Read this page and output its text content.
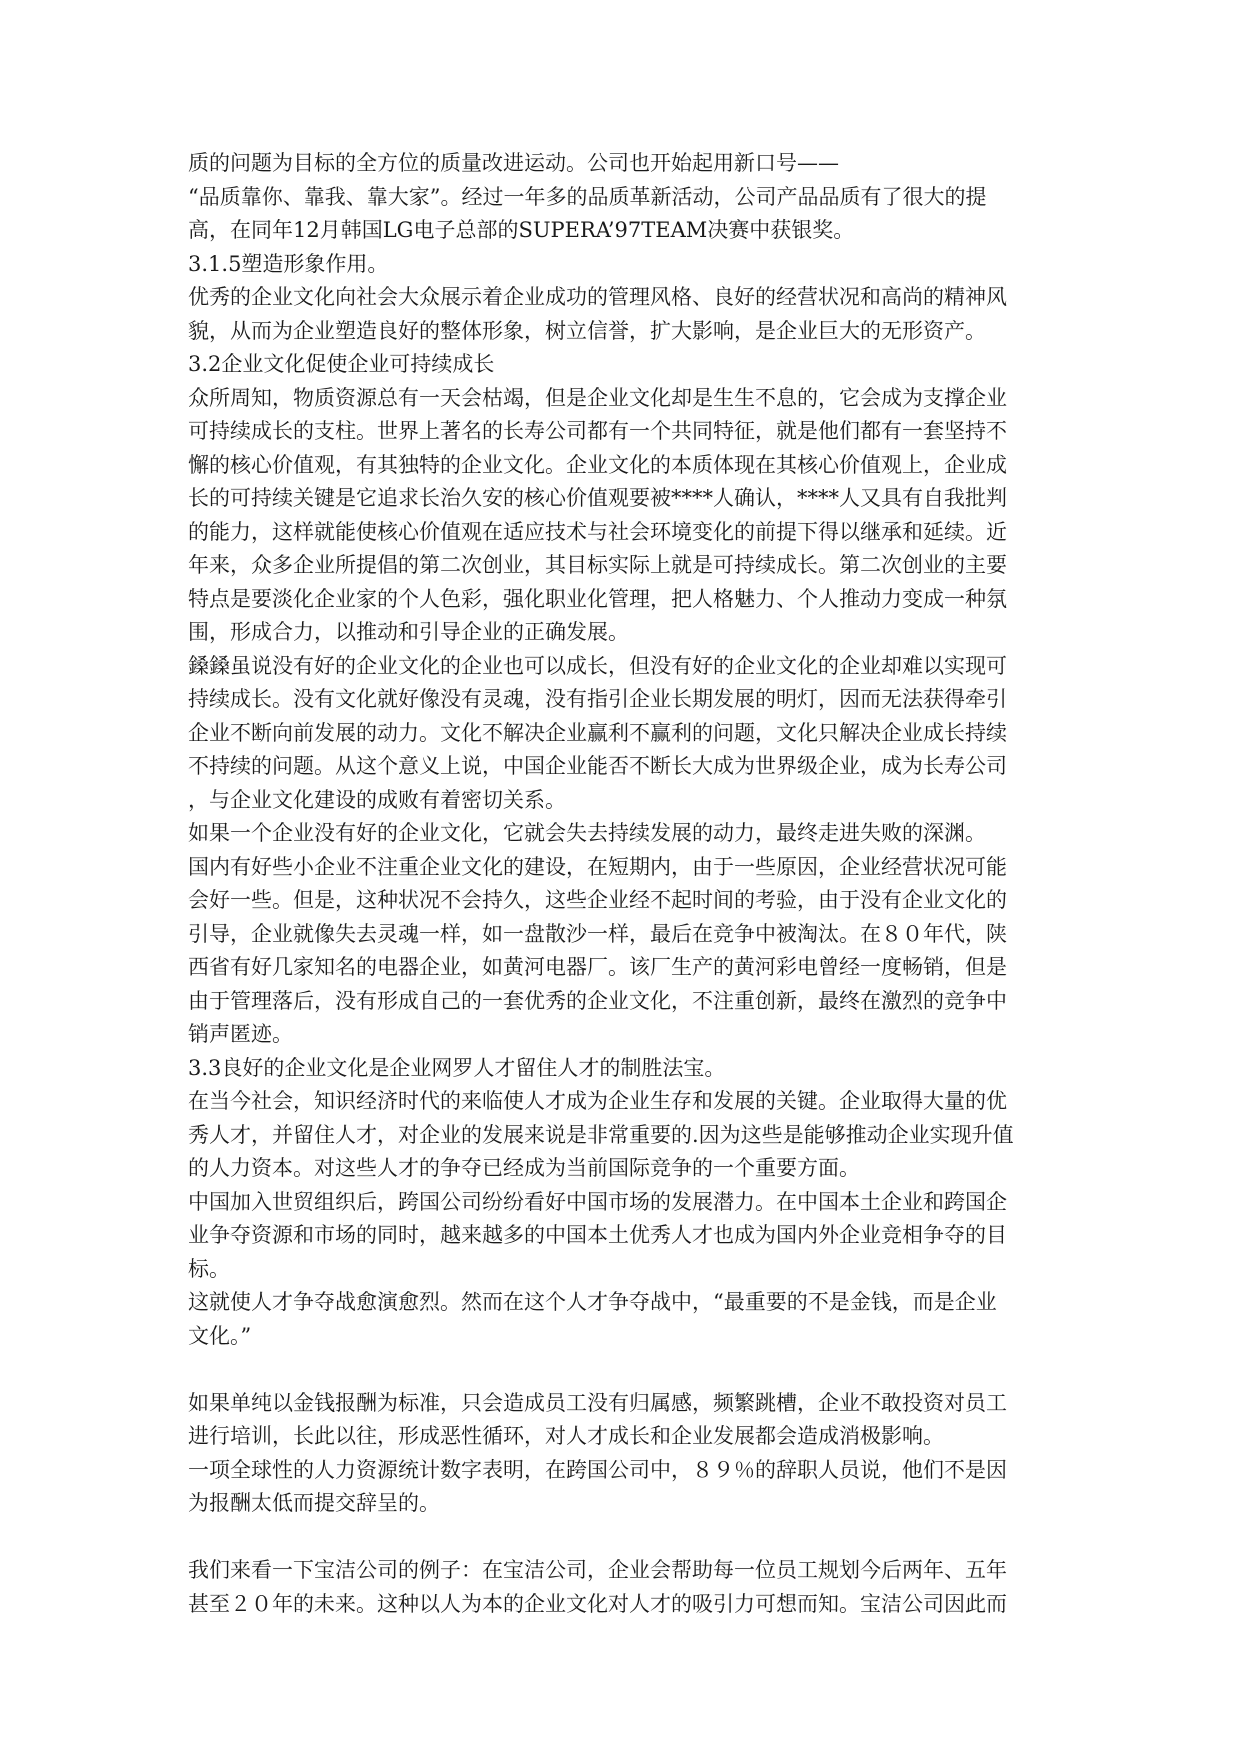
质的问题为目标的全方位的质量改进运动。公司也开始起用新口号——
“品质靠你、靠我、靠大家”。经过一年多的品质革新活动，公司产品品质有了很大的提
高，在同年12月韩国LG电子总部的SUPERA’97TEAM决赛中获银奖。
3.1.5塑造形象作用。
优秀的企业文化向社会大众展示着企业成功的管理风格、良好的经营状况和高尚的精神风
貌，从而为企业塑造良好的整体形象，树立信誉，扩大影响，是企业巨大的无形资产。
3.2企业文化促使企业可持续成长
众所周知，物质资源总有一天会枯竭，但是企业文化却是生生不息的，它会成为支撑企业
可持续成长的支柱。世界上著名的长寿公司都有一个共同特征，就是他们都有一套坚持不
懈的核心价值观，有其独特的企业文化。企业文化的本质体现在其核心价值观上，企业成
长的可持续关键是它追求长治久安的核心价值观要被****人确认，****人又具有自我批判
的能力，这样就能使核心价值观在适应技术与社会环境变化的前提下得以继承和延续。近
年来，众多企业所提倡的第二次创业，其目标实际上就是可持续成长。第二次创业的主要
特点是要淡化企业家的个人色彩，强化职业化管理，把人格魅力、个人推动力变成一种氛
围，形成合力，以推动和引导企业的正确发展。
鎟鎟虽说没有好的企业文化的企业也可以成长，但没有好的企业文化的企业却难以实现可
持续成长。没有文化就好像没有灵魂，没有指引企业长期发展的明灯，因而无法获得牵引
企业不断向前发展的动力。文化不解决企业赢利不赢利的问题，文化只解决企业成长持续
不持续的问题。从这个意义上说，中国企业能否不断长大成为世界级企业，成为长寿公司
，与企业文化建设的成败有着密切关系。
如果一个企业没有好的企业文化，它就会失去持续发展的动力，最终走进失败的深渊。
国内有好些小企业不注重企业文化的建设，在短期内，由于一些原因，企业经营状况可能
会好一些。但是，这种状况不会持久，这些企业经不起时间的考验，由于没有企业文化的
引导，企业就像失去灵魂一样，如一盘散沙一样，最后在竞争中被淘汰。在８０年代，陕
西省有好几家知名的电器企业，如黄河电器厂。该厂生产的黄河彩电曾经一度畅销，但是
由于管理落后，没有形成自己的一套优秀的企业文化，不注重创新，最终在激烈的竞争中
销声匿迹。
3.3良好的企业文化是企业网罗人才留住人才的制胜法宝。
在当今社会，知识经济时代的来临使人才成为企业生存和发展的关键。企业取得大量的优
秀人才，并留住人才，对企业的发展来说是非常重要的.因为这些是能够推动企业实现升值
的人力资本。对这些人才的争夺已经成为当前国际竞争的一个重要方面。
中国加入世贸组织后，跨国公司纷纷看好中国市场的发展潜力。在中国本土企业和跨国企
业争夺资源和市场的同时，越来越多的中国本土优秀人才也成为国内外企业竞相争夺的目
标。
这就使人才争夺战愈演愈烈。然而在这个人才争夺战中，“最重要的不是金钱，而是企业
文化。”
如果单纯以金钱报酬为标准，只会造成员工没有归属感，频繁跳槽，企业不敢投资对员工
进行培训，长此以往，形成恶性循环，对人才成长和企业发展都会造成消极影响。
一项全球性的人力资源统计数字表明，在跨国公司中，８９％的辞职人员说，他们不是因
为报酬太低而提交辞呈的。
我们来看一下宝洁公司的例子：在宝洁公司，企业会帮助每一位员工规划今后两年、五年
甚至２０年的未来。这种以人为本的企业文化对人才的吸引力可想而知。宝洁公司因此而
